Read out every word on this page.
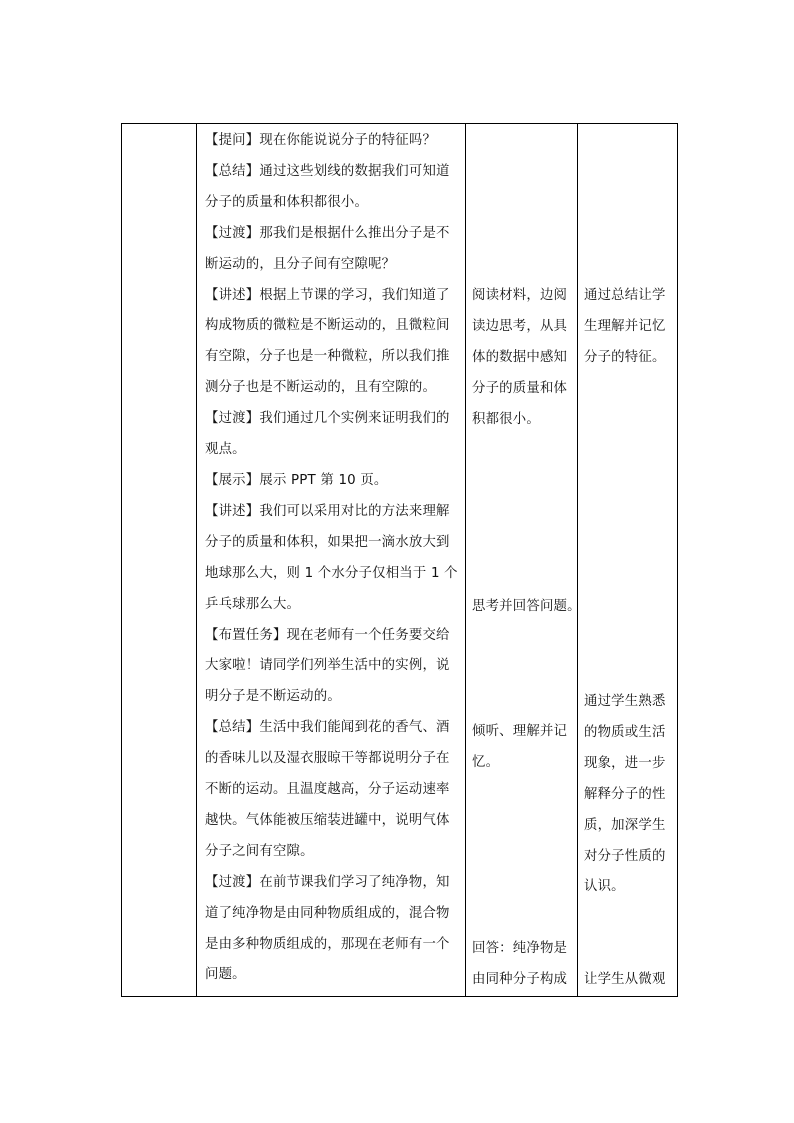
【提问】现在你能说说分子的特征吗？

【总结】通过这些划线的数据我们可知道分子的质量和体积都很小。

【过渡】那我们是根据什么推出分子是不断运动的，且分子间有空隙呢？

【讲述】根据上节课的学习，我们知道了构成物质的微粒是不断运动的，且微粒间有空隙，分子也是一种微粒，所以我们推测分子也是不断运动的，且有空隙的。

【过渡】我们通过几个实例来证明我们的观点。

【展示】展示 PPT 第 10 页。

【讲述】我们可以采用对比的方法来理解分子的质量和体积，如果把一滴水放大到地球那么大，则 1 个水分子仅相当于 1 个乒乓球那么大。

【布置任务】现在老师有一个任务要交给大家啦！请同学们列举生活中的实例，说明分子是不断运动的。

【总结】生活中我们能闻到花的香气、酒的香味儿以及湿衣服晾干等都说明分子在不断的运动。且温度越高，分子运动速率越快。气体能被压缩装进罐中，说明气体分子之间有空隙。

【过渡】在前节课我们学习了纯净物，知道了纯净物是由同种物质组成的，混合物是由多种物质组成的，那现在老师有一个问题。

阅读材料，边阅

读边思考，从具

体的数据中感知

分子的质量和体

积都很小。

思考并回答问题。

倾听、理解并记

忆。

回答：纯净物是

由同种分子构成

通过总结让学

生理解并记忆

分子的特征。

通过学生熟悉

的物质或生活

现象，进一步

解释分子的性

质，加深学生

对分子性质的

认识。

让学生从微观
